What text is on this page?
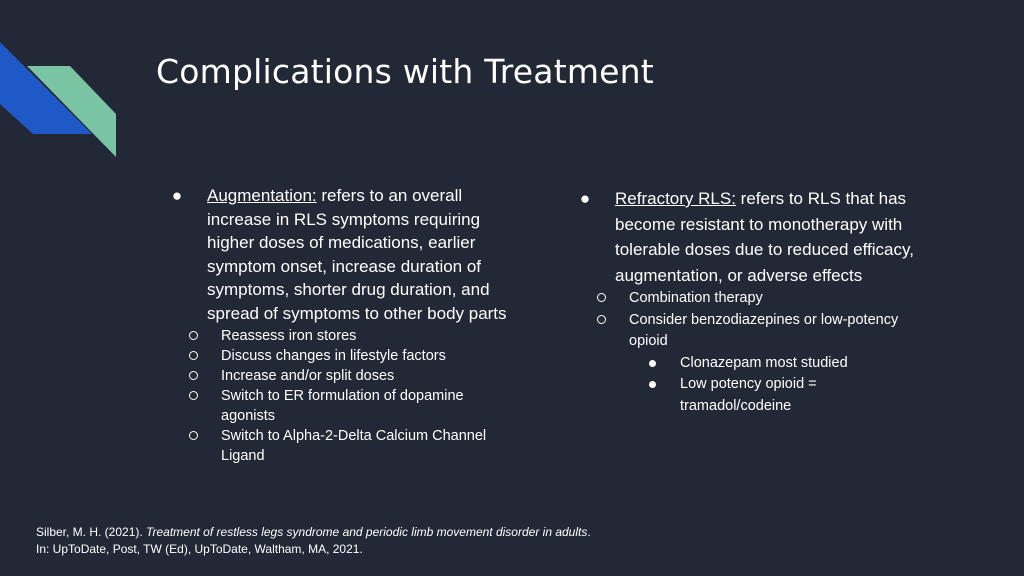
Complications with Treatment
● Augmentation: refers to an overall increase in RLS symptoms requiring higher doses of medications, earlier symptom onset, increase duration of symptoms, shorter drug duration, and spread of symptoms to other body parts
Reassess iron stores
Discuss changes in lifestyle factors
Increase and/or split doses
Switch to ER formulation of dopamine agonists
Switch to Alpha-2-Delta Calcium Channel Ligand
● Refractory RLS: refers to RLS that has become resistant to monotherapy with tolerable doses due to reduced efficacy, augmentation, or adverse effects
Combination therapy
Consider benzodiazepines or low-potency opioid
Clonazepam most studied
Low potency opioid = tramadol/codeine
Silber, M. H. (2021). Treatment of restless legs syndrome and periodic limb movement disorder in adults.
In: UpToDate, Post, TW (Ed), UpToDate, Waltham, MA, 2021.
